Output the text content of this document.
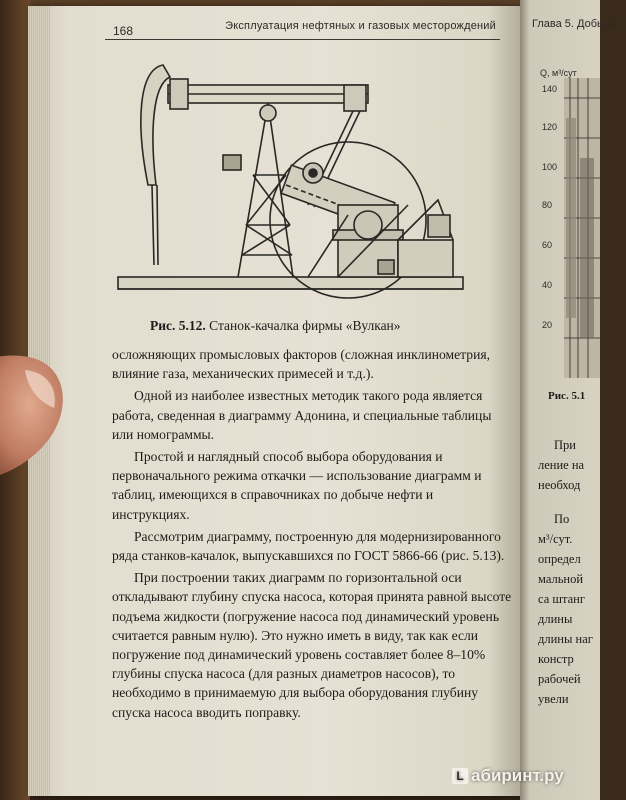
168	Эксплуатация нефтяных и газовых месторождений
Рис. 5.12. Станок-качалка фирмы «Вулкан»

осложняющих промысловых факторов (сложная инклинометрия, влияние газа, механических примесей и т.д.).

Одной из наиболее известных методик такого рода является работа, сведенная в диаграмму Адонина, и специальные таблицы или номограммы.

Простой и наглядный способ выбора оборудования и первоначального режима откачки — использование диаграмм и таблиц, имеющихся в справочниках по добыче нефти и инструкциях.

Рассмотрим диаграмму, построенную для модернизированного ряда станков-качалок, выпускавшихся по ГОСТ 5866-66 (рис. 5.13).

При построении таких диаграмм по горизонтальной оси откладывают глубину спуска насоса, которая принята равной высоте подъема жидкости (погружение насоса под динамический уровень считается равным нулю). Это нужно иметь в виду, так как если погружение под динамический уровень составляет более 8–10% глубины спуска насоса (для разных диаметров насосов), то необходимо в принимаемую для выбора оборудования глубину спуска насоса вводить поправку.

Глава 5. Добыча н
Q, м³/сут
140
120
100
80
60
40
20
Рис. 5.1
При
ление на
необход
По
м³/сут.
определ
мальной
са штанг
длины
длины наг
констр
рабочей
увели
L абиринт.ру
